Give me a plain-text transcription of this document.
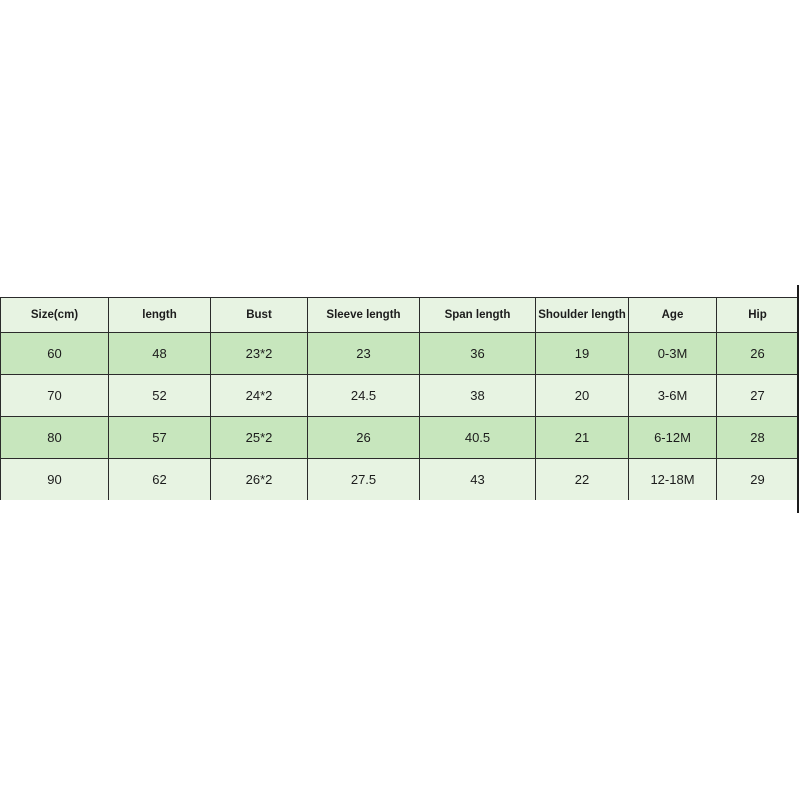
Size(cm)	length	Bust	Sleeve length	Span length	Shoulder length	Age	Hip
60	48	23*2	23	36	19	0-3M	26
70	52	24*2	24.5	38	20	3-6M	27
80	57	25*2	26	40.5	21	6-12M	28
90	62	26*2	27.5	43	22	12-18M	29
